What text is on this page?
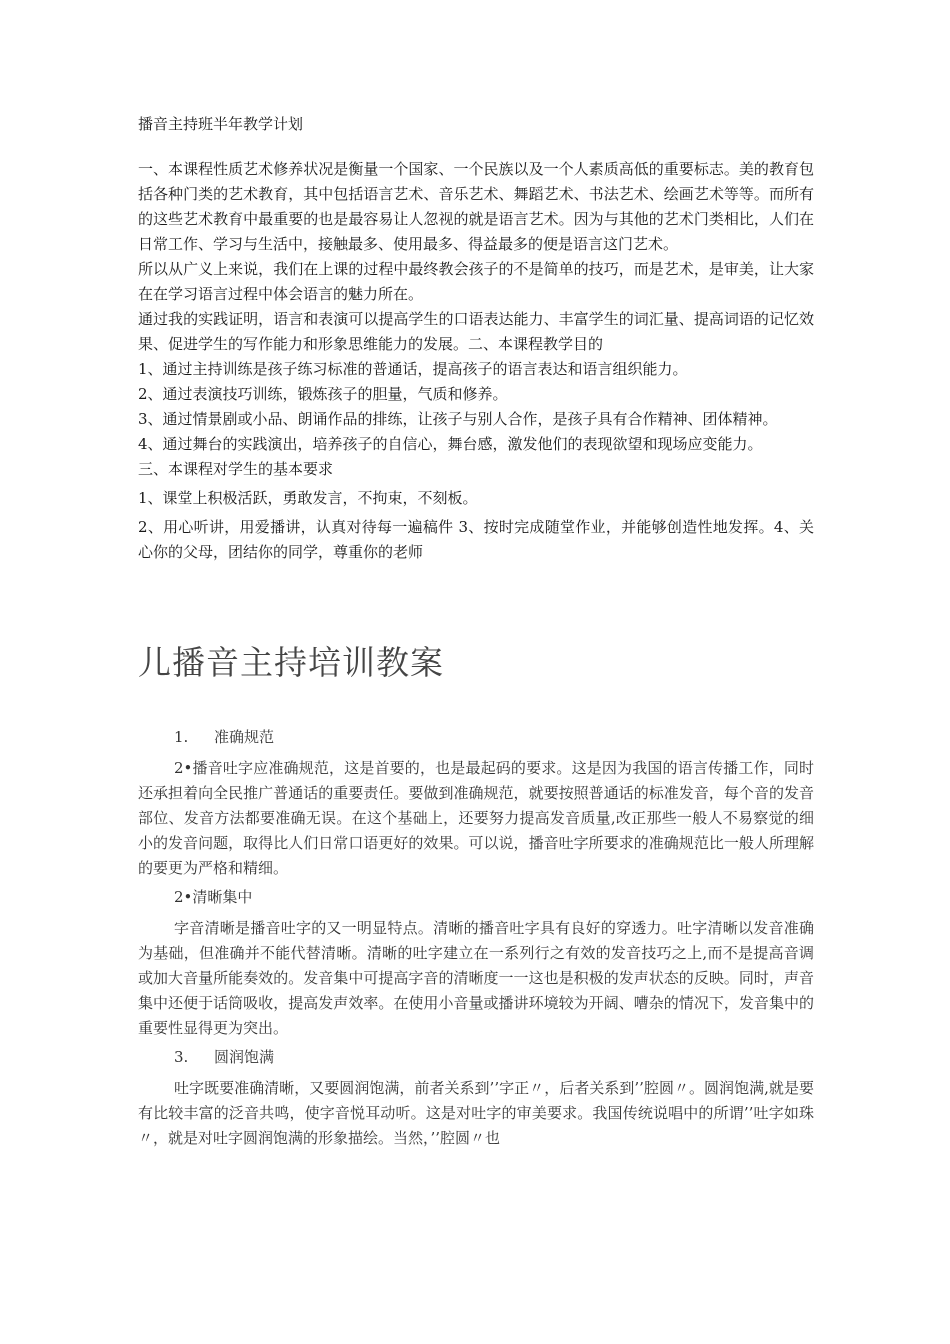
播音主持班半年教学计划

一、本课程性质艺术修养状况是衡量一个国家、一个民族以及一个人素质高低的重要标志。美的教育包括各种门类的艺术教育，其中包括语言艺术、音乐艺术、舞蹈艺术、书法艺术、绘画艺术等等。而所有的这些艺术教育中最重要的也是最容易让人忽视的就是语言艺术。因为与其他的艺术门类相比，人们在日常工作、学习与生活中，接触最多、使用最多、得益最多的便是语言这门艺术。

所以从广义上来说，我们在上课的过程中最终教会孩子的不是简单的技巧，而是艺术，是审美，让大家在在学习语言过程中体会语言的魅力所在。

通过我的实践证明，语言和表演可以提高学生的口语表达能力、丰富学生的词汇量、提高词语的记忆效果、促进学生的写作能力和形象思维能力的发展。二、本课程教学目的

1、通过主持训练是孩子练习标准的普通话，提高孩子的语言表达和语言组织能力。

2、通过表演技巧训练，锻炼孩子的胆量，气质和修养。

3、通过情景剧或小品、朗诵作品的排练，让孩子与别人合作，是孩子具有合作精神、团体精神。

4、通过舞台的实践演出，培养孩子的自信心，舞台感，激发他们的表现欲望和现场应变能力。

三、本课程对学生的基本要求

1、课堂上积极活跃，勇敢发言，不拘束，不刻板。

2、用心听讲，用爱播讲，认真对待每一遍稿件 3、按时完成随堂作业，并能够创造性地发挥。4、关心你的父母，团结你的同学，尊重你的老师

儿播音主持培训教案
1. 准确规范

2•播音吐字应准确规范，这是首要的，也是最起码的要求。这是因为我国的语言传播工作，同时还承担着向全民推广普通话的重要责任。要做到准确规范，就要按照普通话的标准发音，每个音的发音部位、发音方法都要准确无误。在这个基础上，还要努力提高发音质量,改正那些一般人不易察觉的细小的发音问题，取得比人们日常口语更好的效果。可以说，播音吐字所要求的准确规范比一般人所理解的要更为严格和精细。

2•清晰集中

字音清晰是播音吐字的又一明显特点。清晰的播音吐字具有良好的穿透力。吐字清晰以发音准确为基础，但准确并不能代替清晰。清晰的吐字建立在一系列行之有效的发音技巧之上,而不是提高音调或加大音量所能奏效的。发音集中可提高字音的清晰度一一这也是积极的发声状态的反映。同时，声音集中还便于话筒吸收，提高发声效率。在使用小音量或播讲环境较为开阔、嘈杂的情况下，发音集中的重要性显得更为突出。

3. 圆润饱满

吐字既要准确清晰，又要圆润饱满，前者关系到’’字正〃，后者关系到’’腔圆〃。圆润饱满,就是要有比较丰富的泛音共鸣，使字音悦耳动听。这是对吐字的审美要求。我国传统说唱中的所谓’’吐字如珠〃，就是对吐字圆润饱满的形象描绘。当然，’’腔圆〃也
